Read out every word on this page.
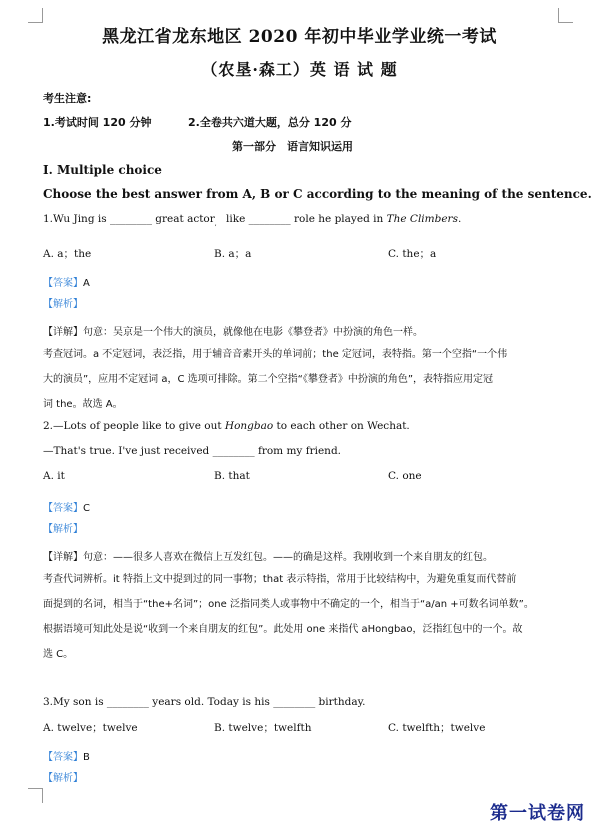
黑龙江省龙东地区 2020 年初中毕业学业统一考试
（农垦·森工）英 语 试 题
考生注意:
1.考试时间 120 分钟	2.全卷共六道大题，总分 120 分
第一部分　语言知识运用
I. Multiple choice
Choose the best answer from A, B or C according to the meaning of the sentence.
1.Wu Jing is ________ great actor$_,$ like ________ role he played in The Climbers.
A. a；the	B. a；a	C. the；a
【答案】A
【解析】
【详解】句意：吴京是一个伟大的演员，就像他在电影《攀登者》中扮演的角色一样。
考查冠词。a 不定冠词，表泛指，用于辅音音素开头的单词前；the 定冠词，表特指。第一个空指“一个伟
大的演员”，应用不定冠词 a，C 选项可排除。第二个空指“《攀登者》中扮演的角色”，表特指应用定冠
词 the。故选 A。
2.—Lots of people like to give out Hongbao to each other on Wechat.
—That's true. I've just received ________ from my friend.
A. it	B. that	C. one
【答案】C
【解析】
【详解】句意：——很多人喜欢在微信上互发红包。——的确是这样。我刚收到一个来自朋友的红包。
考查代词辨析。it 特指上文中提到过的同一事物；that 表示特指，常用于比较结构中，为避免重复而代替前
面提到的名词，相当于“the+名词”；one 泛指同类人或事物中不确定的一个，相当于“a/an +可数名词单数”。
根据语境可知此处是说“收到一个来自朋友的红包”。此处用 one 来指代 aHongbao，泛指红包中的一个。故
选 C。
3.My son is ________ years old. Today is his ________ birthday.
A. twelve；twelve	B. twelve；twelfth	C. twelfth；twelve
【答案】B
【解析】
第一试卷网
